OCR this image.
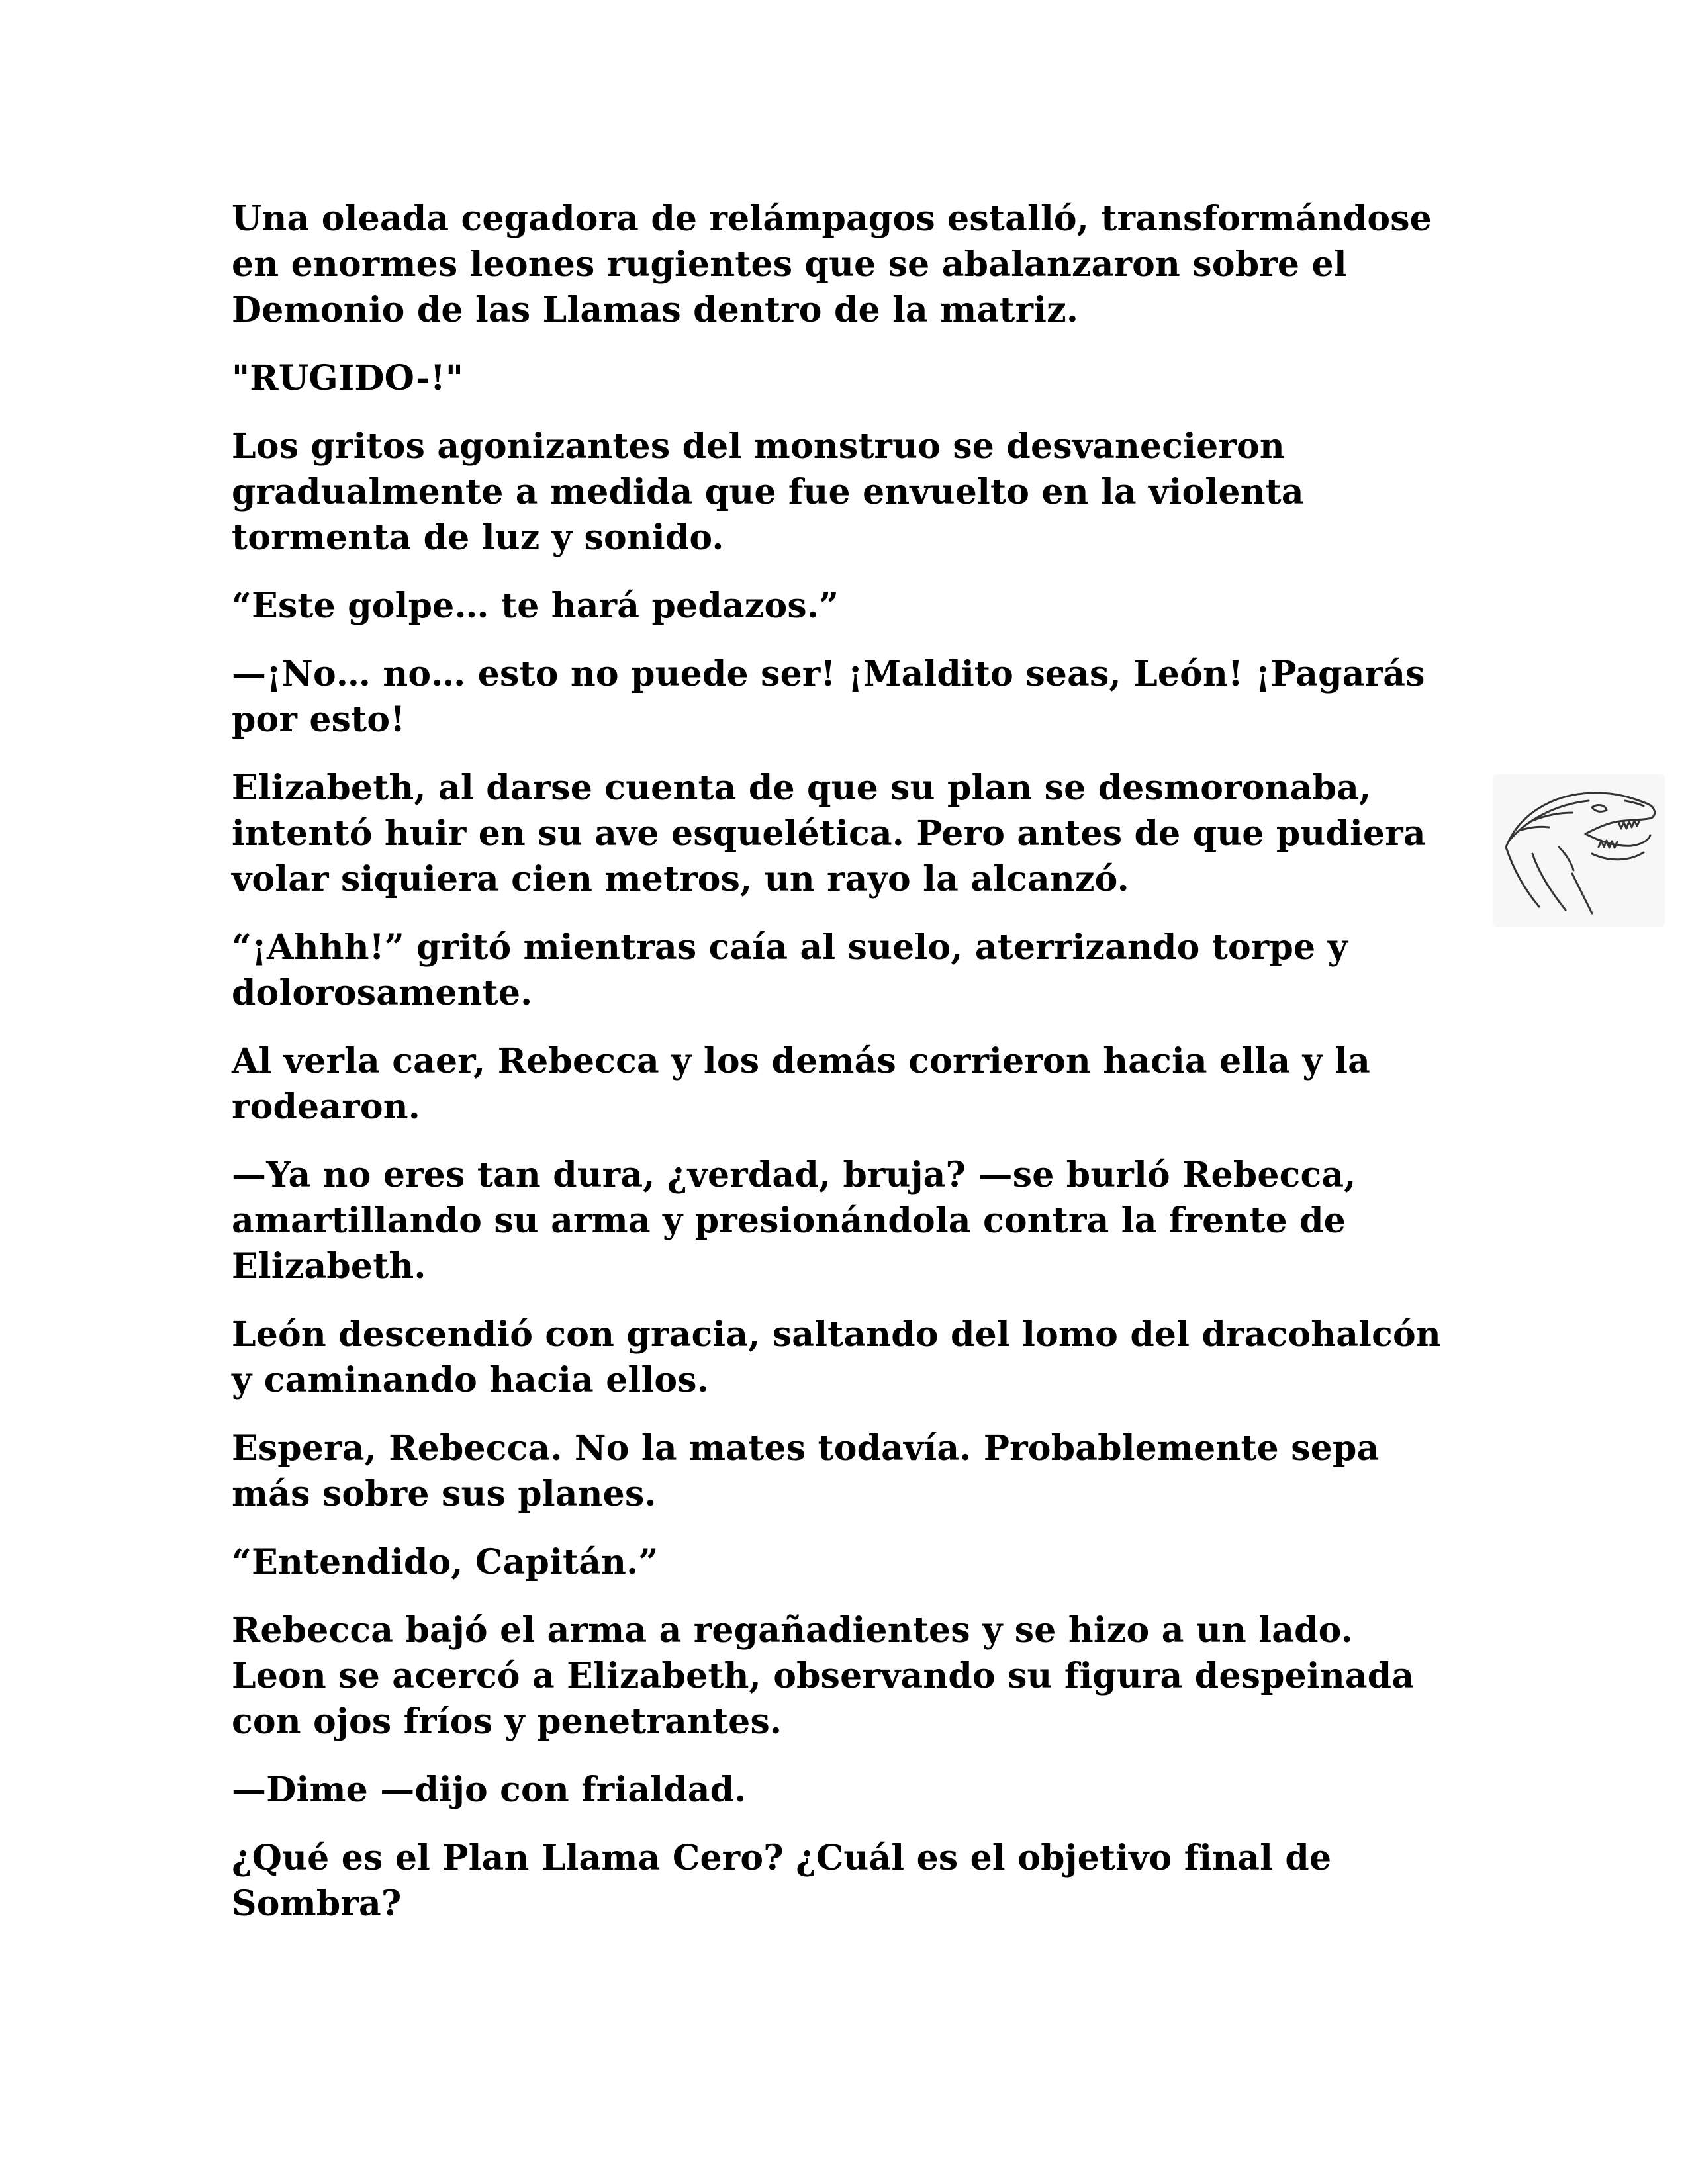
Una oleada cegadora de relámpagos estalló, transformándose en enormes leones rugientes que se abalanzaron sobre el Demonio de las Llamas dentro de la matriz.

"RUGIDO-!"

Los gritos agonizantes del monstruo se desvanecieron gradualmente a medida que fue envuelto en la violenta tormenta de luz y sonido.

“Este golpe… te hará pedazos.”

—¡No… no… esto no puede ser! ¡Maldito seas, León! ¡Pagarás por esto!

Elizabeth, al darse cuenta de que su plan se desmoronaba, intentó huir en su ave esquelética. Pero antes de que pudiera volar siquiera cien metros, un rayo la alcanzó.

“¡Ahhh!” gritó mientras caía al suelo, aterrizando torpe y dolorosamente.

Al verla caer, Rebecca y los demás corrieron hacia ella y la rodearon.

—Ya no eres tan dura, ¿verdad, bruja? —se burló Rebecca, amartillando su arma y presionándola contra la frente de Elizabeth.

León descendió con gracia, saltando del lomo del dracohalcón y caminando hacia ellos.

Espera, Rebecca. No la mates todavía. Probablemente sepa más sobre sus planes.

“Entendido, Capitán.”

Rebecca bajó el arma a regañadientes y se hizo a un lado. Leon se acercó a Elizabeth, observando su figura despeinada con ojos fríos y penetrantes.

—Dime —dijo con frialdad.

¿Qué es el Plan Llama Cero? ¿Cuál es el objetivo final de Sombra?
